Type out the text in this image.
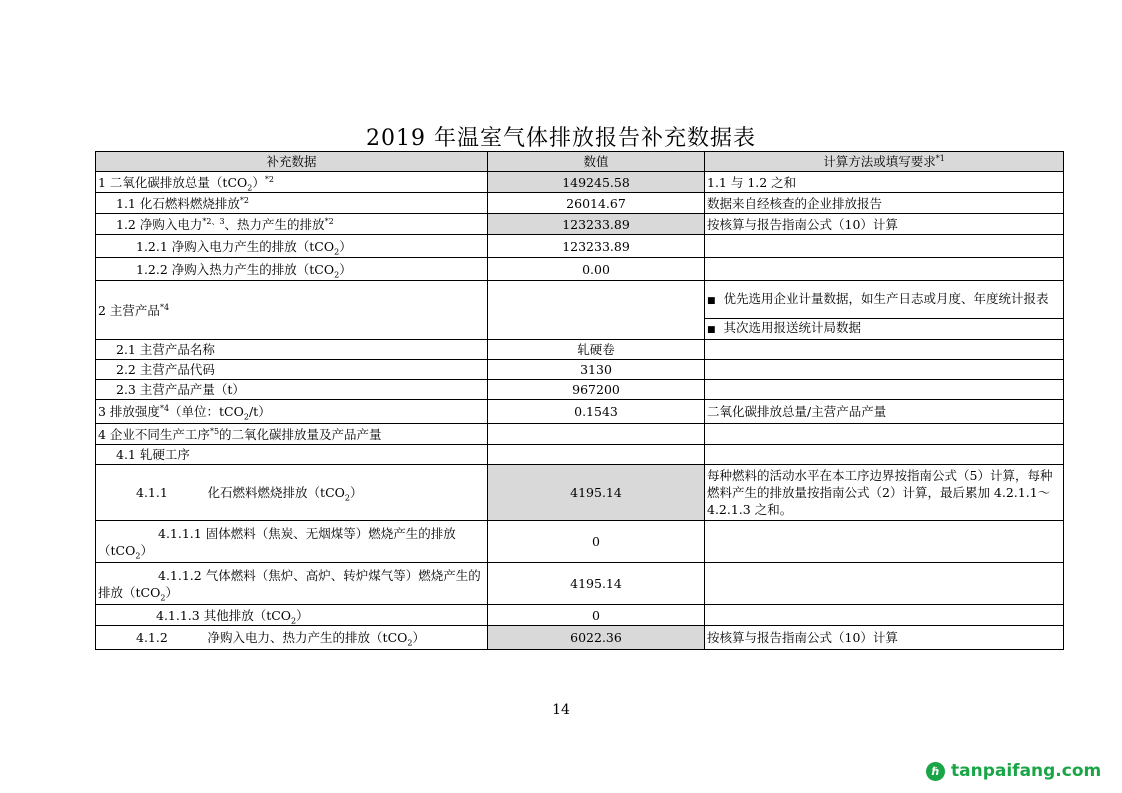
2019 年温室气体排放报告补充数据表
补充数据	数值	计算方法或填写要求$^{*1}$
1 二氧化碳排放总量$(tCO_2)^{*2}$	149245.58	1.1 与 1.2 之和
1.1 化石燃料燃烧排放$^{*2}$	26014.67	数据来自经核查的企业排放报告
1.2 净购入电力$^{*2、3}$、热力产生的排放$^{*2}$	123233.89	按核算与报告指南公式（10）计算
1.2.1 净购入电力产生的排放（tCO$_2$）	123233.89	
1.2.2 净购入热力产生的排放（tCO$_2$）	0.00	
2 主营产品$^{*4}$		■ 优先选用企业计量数据，如生产日志或月度、年度统计报表
		■ 其次选用报送统计局数据
2.1 主营产品名称	轧硬卷	
2.2 主营产品代码	3130	
2.3 主营产品产量（t）	967200	
3 排放强度$^{*4}$（单位：tCO$_2$/t）	0.1543	二氧化碳排放总量/主营产品产量
4 企业不同生产工序$^{*5}$的二氧化碳排放量及产品产量		
4.1 轧硬工序		
4.1.1          化石燃料燃烧排放（tCO$_2$）	4195.14	每种燃料的活动水平在本工序边界按指南公式（5）计算，每种燃料产生的排放量按指南公式（2）计算，最后累加 4.2.1.1～4.2.1.3 之和。
4.1.1.1 固体燃料（焦炭、无烟煤等）燃烧产生的排放（tCO$_2$）	0	
4.1.1.2 气体燃料（焦炉、高炉、转炉煤气等）燃烧产生的排放（tCO$_2$）	4195.14	
4.1.1.3 其他排放（tCO$_2$）	0	
4.1.2          净购入电力、热力产生的排放（tCO$_2$）	6022.36	按核算与报告指南公式（10）计算
14
ℏ tanpaifang.com
